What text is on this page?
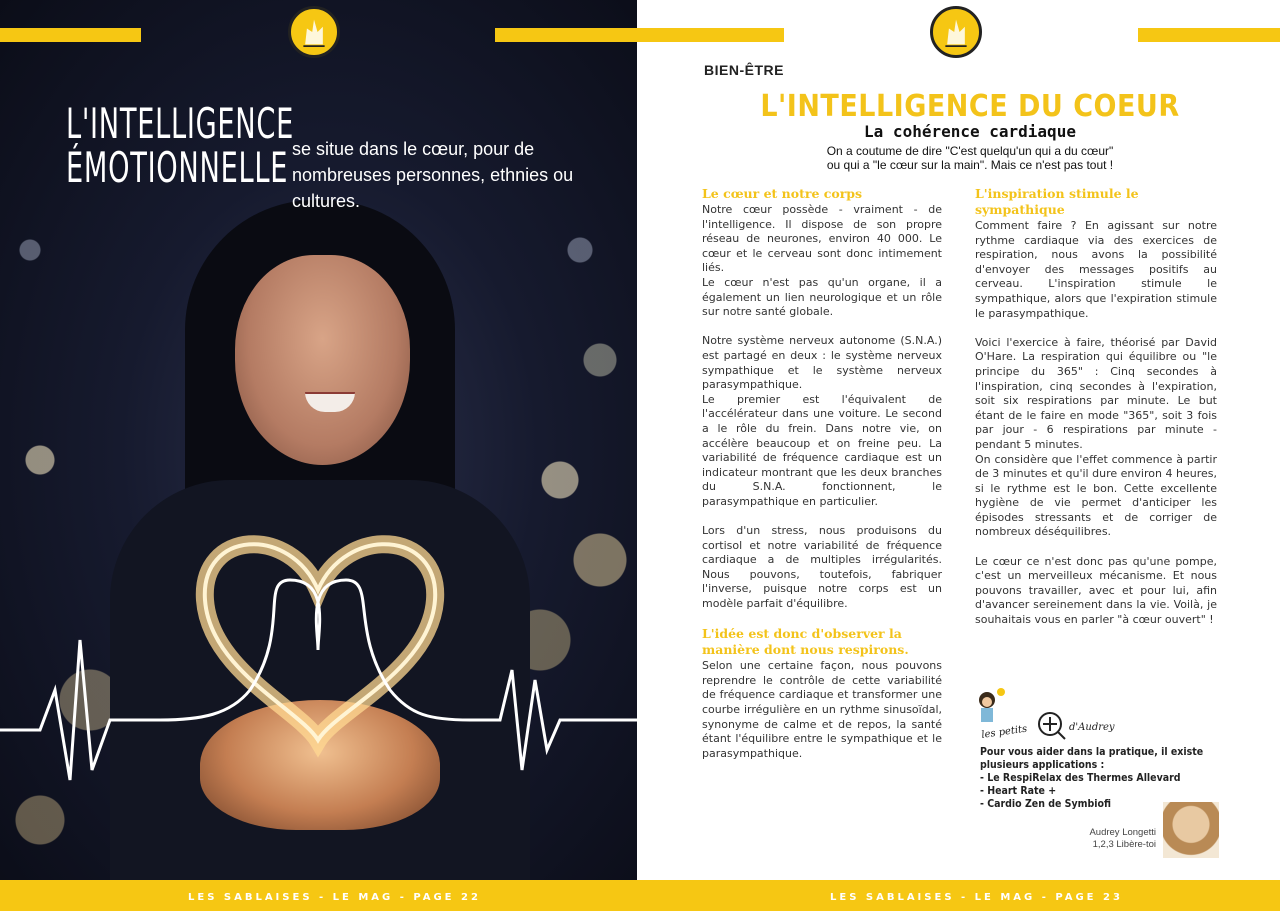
L'INTELLIGENCE
ÉMOTIONNELLE se situe dans le cœur, pour de nombreuses personnes, ethnies ou cultures.
BIEN-ÊTRE
L'INTELLIGENCE DU COEUR
La cohérence cardiaque
On a coutume de dire "C'est quelqu'un qui a du cœur"
ou qui a "le cœur sur la main". Mais ce n'est pas tout !
Le cœur et notre corps

Notre cœur possède - vraiment - de l'intelligence. Il dispose de son propre réseau de neurones, environ 40 000. Le cœur et le cerveau sont donc intimement liés.

Le cœur n'est pas qu'un organe, il a également un lien neurologique et un rôle sur notre santé globale.

Notre système nerveux autonome (S.N.A.) est partagé en deux : le système nerveux sympathique et le système nerveux parasympathique.

Le premier est l'équivalent de l'accélérateur dans une voiture. Le second a le rôle du frein. Dans notre vie, on accélère beaucoup et on freine peu. La variabilité de fréquence cardiaque est un indicateur montrant que les deux branches du S.N.A. fonctionnent, le parasympathique en particulier.

Lors d'un stress, nous produisons du cortisol et notre variabilité de fréquence cardiaque a de multiples irrégularités. Nous pouvons, toutefois, fabriquer l'inverse, puisque notre corps est un modèle parfait d'équilibre.

L'idée est donc d'observer la manière dont nous respirons.

Selon une certaine façon, nous pouvons reprendre le contrôle de cette variabilité de fréquence cardiaque et transformer une courbe irrégulière en un rythme sinusoïdal, synonyme de calme et de repos, la santé étant l'équilibre entre le sympathique et le parasympathique.

L'inspiration stimule le sympathique

Comment faire ? En agissant sur notre rythme cardiaque via des exercices de respiration, nous avons la possibilité d'envoyer des messages positifs au cerveau. L'inspiration stimule le sympathique, alors que l'expiration stimule le parasympathique.

Voici l'exercice à faire, théorisé par David O'Hare. La respiration qui équilibre ou "le principe du 365" : Cinq secondes à l'inspiration, cinq secondes à l'expiration, soit six respirations par minute. Le but étant de le faire en mode "365", soit 3 fois par jour - 6 respirations par minute - pendant 5 minutes.

On considère que l'effet commence à partir de 3 minutes et qu'il dure environ 4 heures, si le rythme est le bon. Cette excellente hygiène de vie permet d'anticiper les épisodes stressants et de corriger de nombreux déséquilibres.

Le cœur ce n'est donc pas qu'une pompe, c'est un merveilleux mécanisme. Et nous pouvons travailler, avec et pour lui, afin d'avancer sereinement dans la vie. Voilà, je souhaitais vous en parler "à cœur ouvert" !

les petits	d'Audrey
Pour vous aider dans la pratique, il existe plusieurs applications :
- Le RespiRelax des Thermes Allevard
- Heart Rate +
- Cardio Zen de Symbiofi
Audrey Longetti
1,2,3 Libère-toi
LES SABLAISES - LE MAG - PAGE 22	LES SABLAISES - LE MAG - PAGE 23
